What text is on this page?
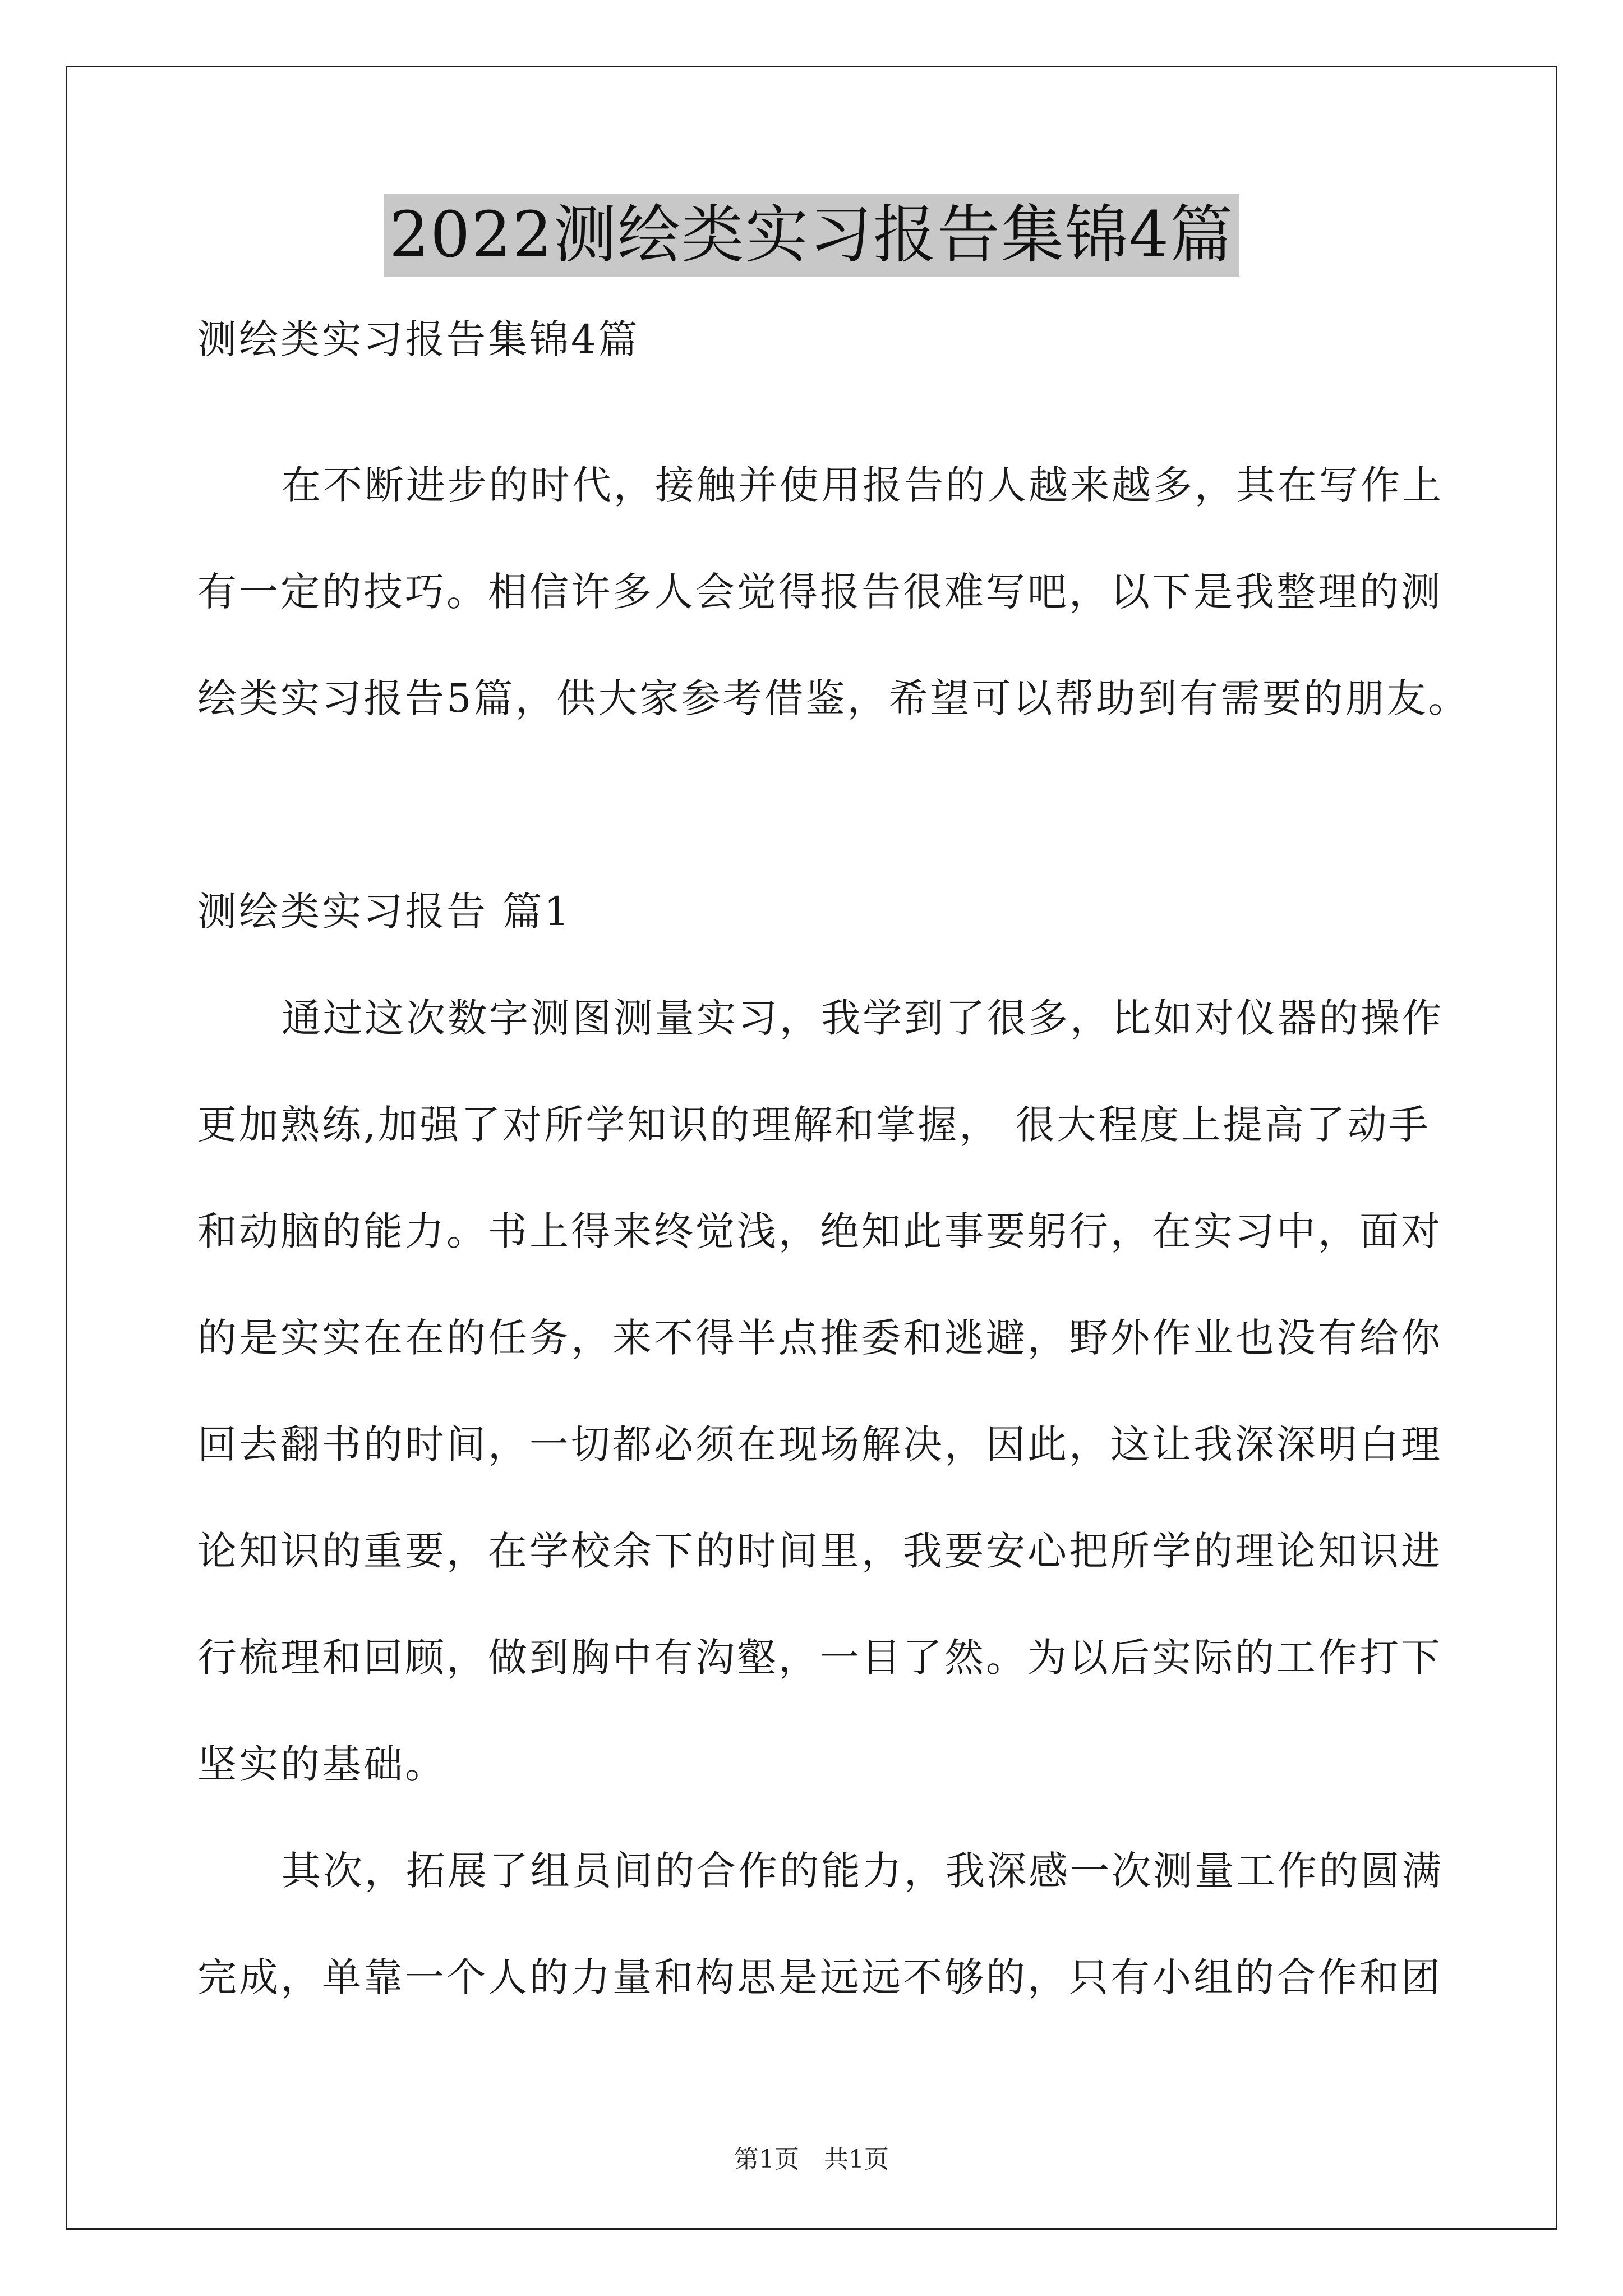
2022测绘类实习报告集锦4篇
测绘类实习报告集锦4篇
在不断进步的时代，接触并使用报告的人越来越多，其在写作上
有一定的技巧。相信许多人会觉得报告很难写吧，以下是我整理的测
绘类实习报告5篇，供大家参考借鉴，希望可以帮助到有需要的朋友。
测绘类实习报告 篇1
通过这次数字测图测量实习，我学到了很多，比如对仪器的操作
更加熟练,加强了对所学知识的理解和掌握， 很大程度上提高了动手
和动脑的能力。书上得来终觉浅，绝知此事要躬行，在实习中，面对
的是实实在在的任务，来不得半点推委和逃避，野外作业也没有给你
回去翻书的时间，一切都必须在现场解决，因此，这让我深深明白理
论知识的重要，在学校余下的时间里，我要安心把所学的理论知识进
行梳理和回顾，做到胸中有沟壑，一目了然。为以后实际的工作打下
坚实的基础。
其次，拓展了组员间的合作的能力，我深感一次测量工作的圆满
完成，单靠一个人的力量和构思是远远不够的，只有小组的合作和团
第1页　共1页
